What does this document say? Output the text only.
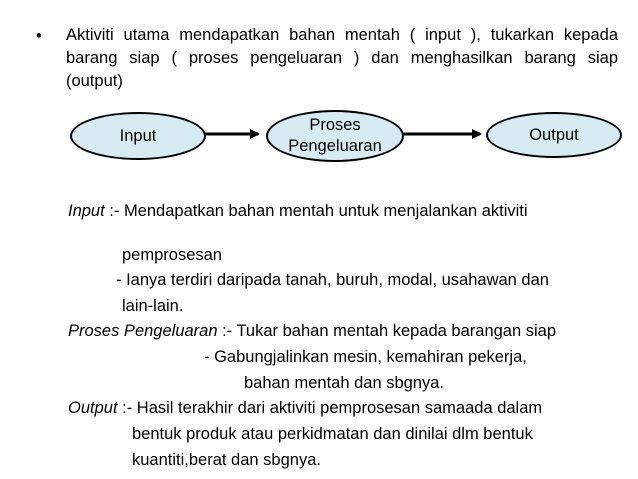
• Aktiviti utama mendapatkan bahan mentah ( input ), tukarkan kepada
barang siap ( proses pengeluaran ) dan menghasilkan barang siap
(output)
Input
Proses
Pengeluaran
Output
Input :- Mendapatkan bahan mentah untuk menjalankan aktiviti
pemprosesan
- Ianya terdiri daripada tanah, buruh, modal, usahawan dan
lain-lain.
Proses Pengeluaran :- Tukar bahan mentah kepada barangan siap
- Gabungjalinkan mesin, kemahiran pekerja,
bahan mentah dan sbgnya.
Output :- Hasil terakhir dari aktiviti pemprosesan samaada dalam
bentuk produk atau perkidmatan dan dinilai dlm bentuk
kuantiti,berat dan sbgnya.
